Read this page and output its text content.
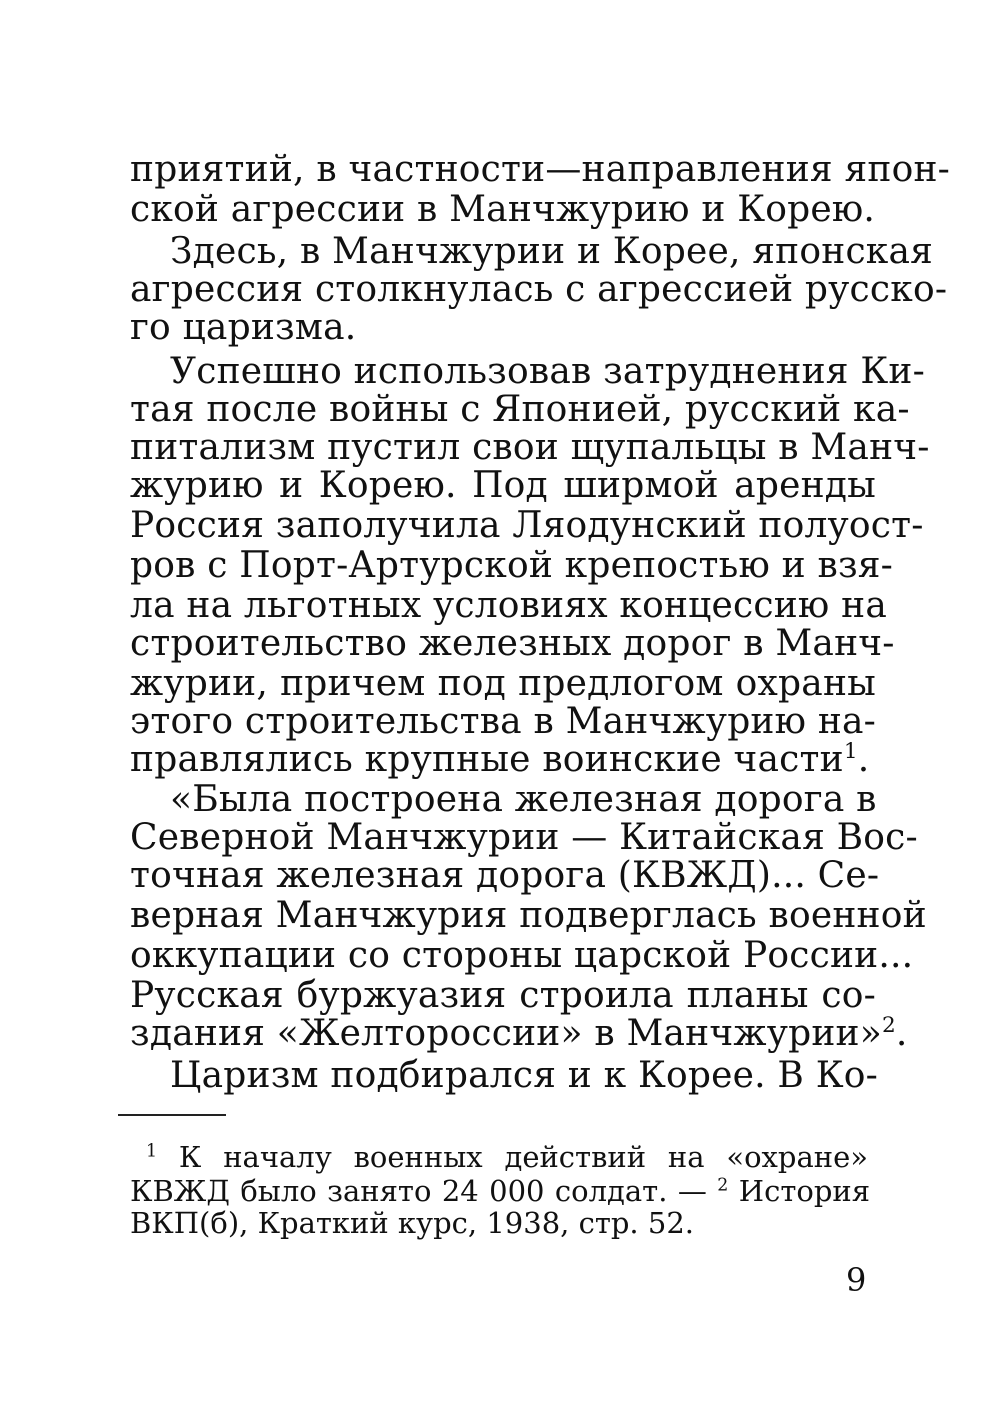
приятий, в частности—направления япон-
ской агрессии в Манчжурию и Корею.
Здесь, в Манчжурии и Корее, японская
агрессия столкнулась с агрессией русско-
го царизма.
Успешно использовав затруднения Ки-
тая после войны с Японией, русский ка-
питализм пустил свои щупальцы в Манч-
журию и Корею. Под ширмой аренды
Россия заполучила Ляодунский полуост-
ров с Порт-Артурской крепостью и взя-
ла на льготных условиях концессию на
строительство железных дорог в Манч-
журии, причем под предлогом охраны
этого строительства в Манчжурию на-
правлялись крупные воинские части$^1$.
«Была построена железная дорога в
Северной Манчжурии — Китайская Вос-
точная железная дорога (КВЖД)... Се-
верная Манчжурия подверглась военной
оккупации со стороны царской России...
Русская буржуазия строила планы со-
здания «Желтороссии» в Манчжурии»$^2$.
Царизм подбирался и к Корее. В Ко-
$^1$ К началу военных действий на «охране»
КВЖД было занято 24 000 солдат. — $^2$ История
ВКП(б), Краткий курс, 1938, стр. 52.
9
